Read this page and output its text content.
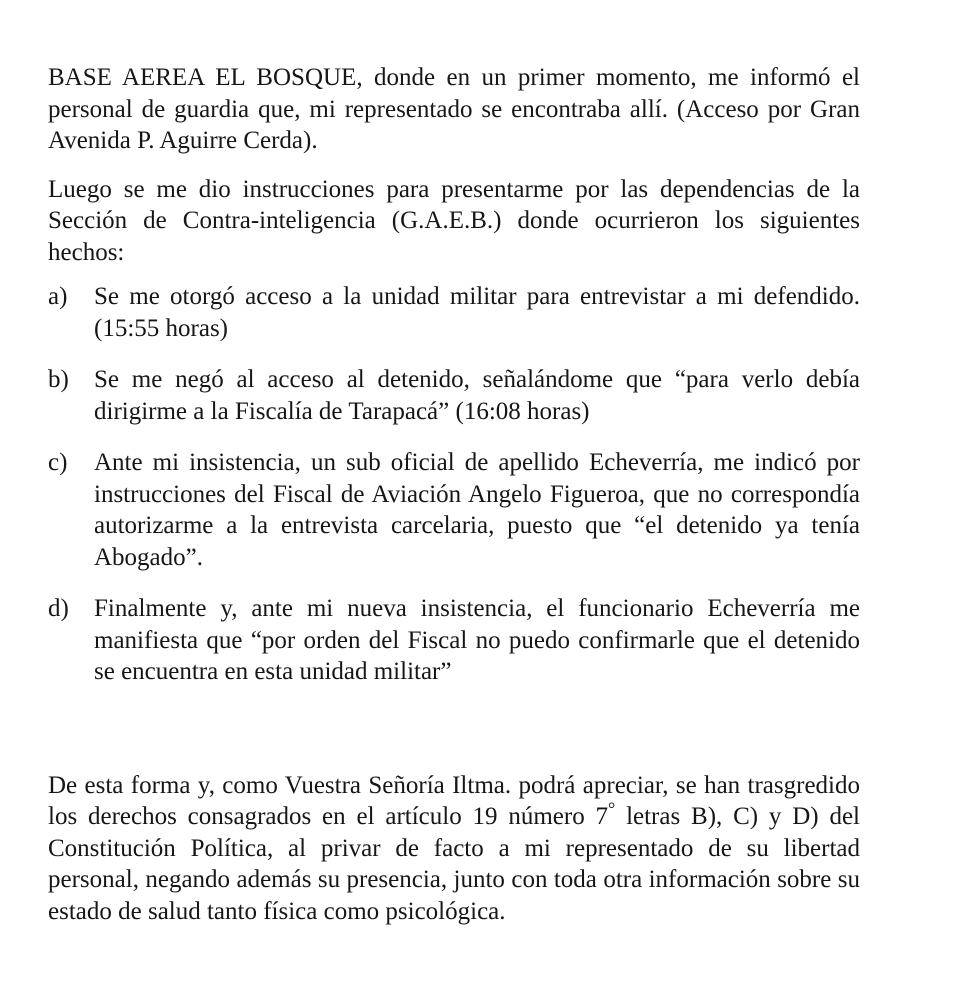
BASE AEREA EL BOSQUE, donde en un primer momento, me informó el personal de guardia que, mi representado se encontraba allí. (Acceso por Gran Avenida P. Aguirre Cerda).

Luego se me dio instrucciones para presentarme por las dependencias de la Sección de Contra-inteligencia (G.A.E.B.) donde ocurrieron los siguientes hechos:

a)	Se me otorgó acceso a la unidad militar para entrevistar a mi defendido. (15:55 horas)
b)	Se me negó al acceso al detenido, señalándome que “para verlo debía dirigirme a la Fiscalía de Tarapacá” (16:08 horas)
c)	Ante mi insistencia, un sub oficial de apellido Echeverría, me indicó por instrucciones del Fiscal de Aviación Angelo Figueroa, que no correspondía autorizarme a la entrevista carcelaria, puesto que “el detenido ya tenía Abogado”.
d)	Finalmente y, ante mi nueva insistencia, el funcionario Echeverría me manifiesta que “por orden del Fiscal no puedo confirmarle que el detenido se encuentra en esta unidad militar”

De esta forma y, como Vuestra Señoría Iltma. podrá apreciar, se han trasgredido los derechos consagrados en el artículo 19 número 7° letras B), C) y D) del Constitución Política, al privar de facto a mi representado de su libertad personal, negando además su presencia, junto con toda otra información sobre su estado de salud tanto física como psicológica.
